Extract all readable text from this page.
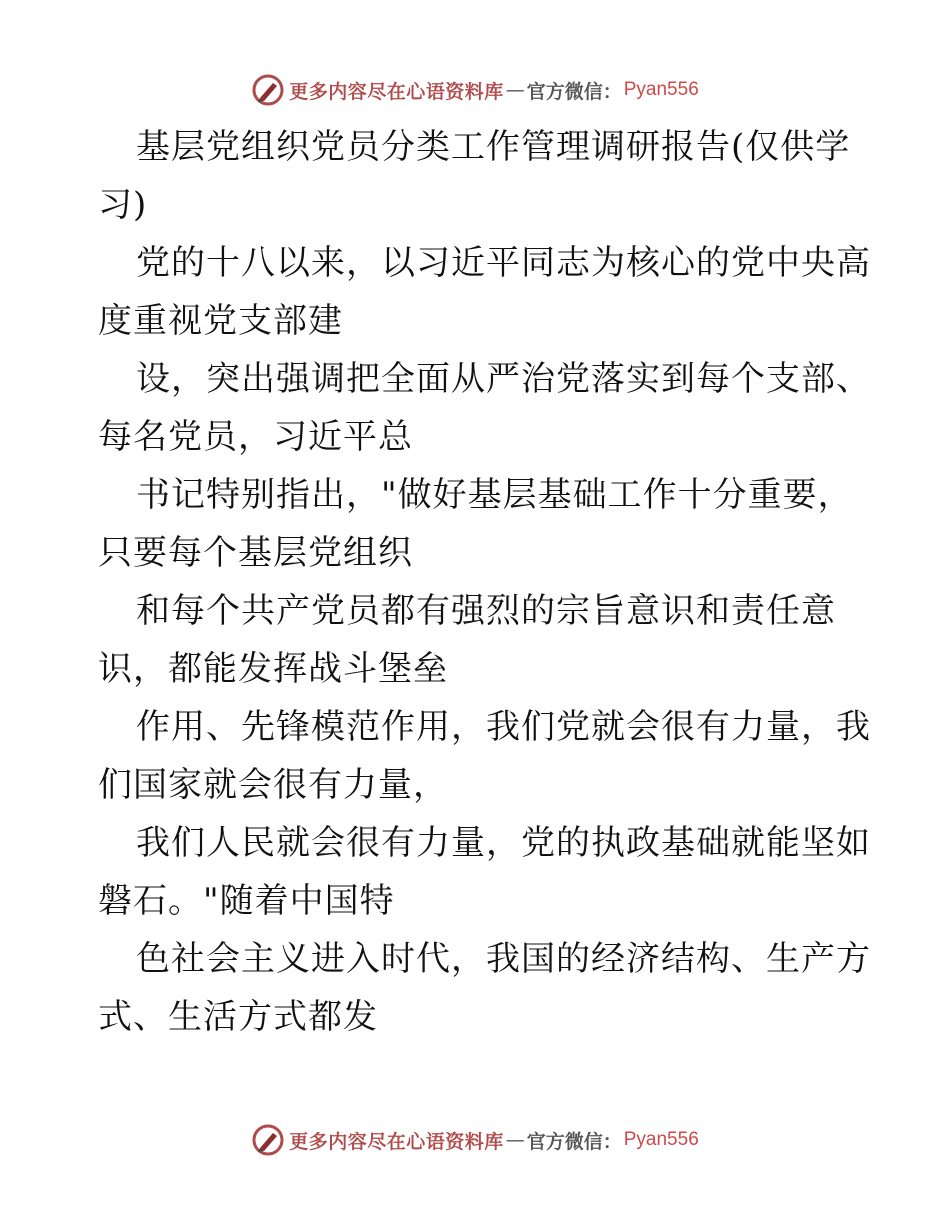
更多内容尽在心语资料库 — 官方微信： Pyan556
基层党组织党员分类工作管理调研报告(仅供学
习)
党的十八以来，以习近平同志为核心的党中央高
度重视党支部建
设，突出强调把全面从严治党落实到每个支部、
每名党员，习近平总
书记特别指出，"做好基层基础工作十分重要，
只要每个基层党组织
和每个共产党员都有强烈的宗旨意识和责任意
识，都能发挥战斗堡垒
作用、先锋模范作用，我们党就会很有力量，我
们国家就会很有力量，
我们人民就会很有力量，党的执政基础就能坚如
磐石。"随着中国特
色社会主义进入时代，我国的经济结构、生产方
式、生活方式都发
更多内容尽在心语资料库 — 官方微信： Pyan556
